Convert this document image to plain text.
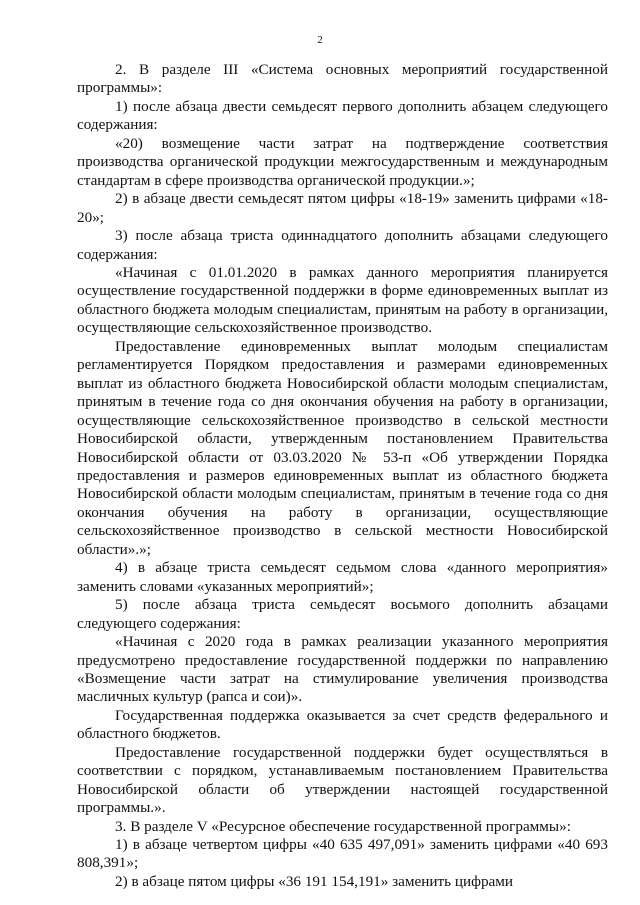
2

2. В разделе III «Система основных мероприятий государственной программы»:

1) после абзаца двести семьдесят первого дополнить абзацем следующего содержания:

«20) возмещение части затрат на подтверждение соответствия производства органической продукции межгосударственным и международным стандартам в сфере производства органической продукции.»;

2) в абзаце двести семьдесят пятом цифры «18-19» заменить цифрами «18-20»;

3) после абзаца триста одиннадцатого дополнить абзацами следующего содержания:

«Начиная с 01.01.2020 в рамках данного мероприятия планируется осуществление государственной поддержки в форме единовременных выплат из областного бюджета молодым специалистам, принятым на работу в организации, осуществляющие сельскохозяйственное производство.

Предоставление единовременных выплат молодым специалистам регламентируется Порядком предоставления и размерами единовременных выплат из областного бюджета Новосибирской области молодым специалистам, принятым в течение года со дня окончания обучения на работу в организации, осуществляющие сельскохозяйственное производство в сельской местности Новосибирской области, утвержденным постановлением Правительства Новосибирской области от 03.03.2020 № 53-п «Об утверждении Порядка предоставления и размеров единовременных выплат из областного бюджета Новосибирской области молодым специалистам, принятым в течение года со дня окончания обучения на работу в организации, осуществляющие сельскохозяйственное производство в сельской местности Новосибирской области».»;

4) в абзаце триста семьдесят седьмом слова «данного мероприятия» заменить словами «указанных мероприятий»;

5) после абзаца триста семьдесят восьмого дополнить абзацами следующего содержания:

«Начиная с 2020 года в рамках реализации указанного мероприятия предусмотрено предоставление государственной поддержки по направлению «Возмещение части затрат на стимулирование увеличения производства масличных культур (рапса и сои)».

Государственная поддержка оказывается за счет средств федерального и областного бюджетов.

Предоставление государственной поддержки будет осуществляться в соответствии с порядком, устанавливаемым постановлением Правительства Новосибирской области об утверждении настоящей государственной программы.».

3. В разделе V «Ресурсное обеспечение государственной программы»:

1) в абзаце четвертом цифры «40 635 497,091» заменить цифрами «40 693 808,391»;

2) в абзаце пятом цифры «36 191 154,191» заменить цифрами
